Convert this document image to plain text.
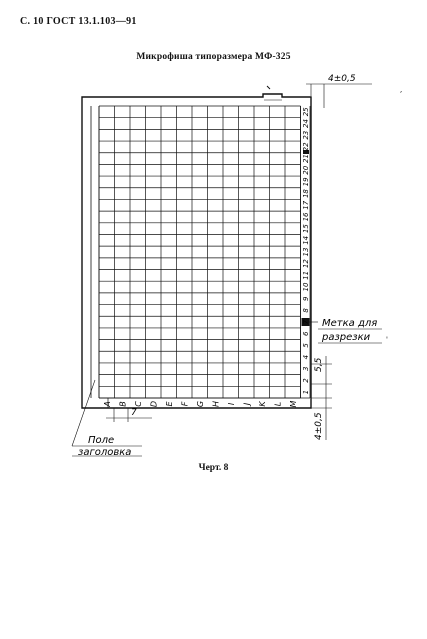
С. 10 ГОСТ 13.1.103—91
Микрофиша типоразмера МФ-325
A B C D E F G H I J K L M
1
2
3
4
5
6
7
8
9
10
11
12
13
14
15
16
17
18
19
20
21
22
23
24
25
4±0,5
,
5,5
4±0,5
7
Метка для
разрезки '
Поле
заголовка
Черт. 8
